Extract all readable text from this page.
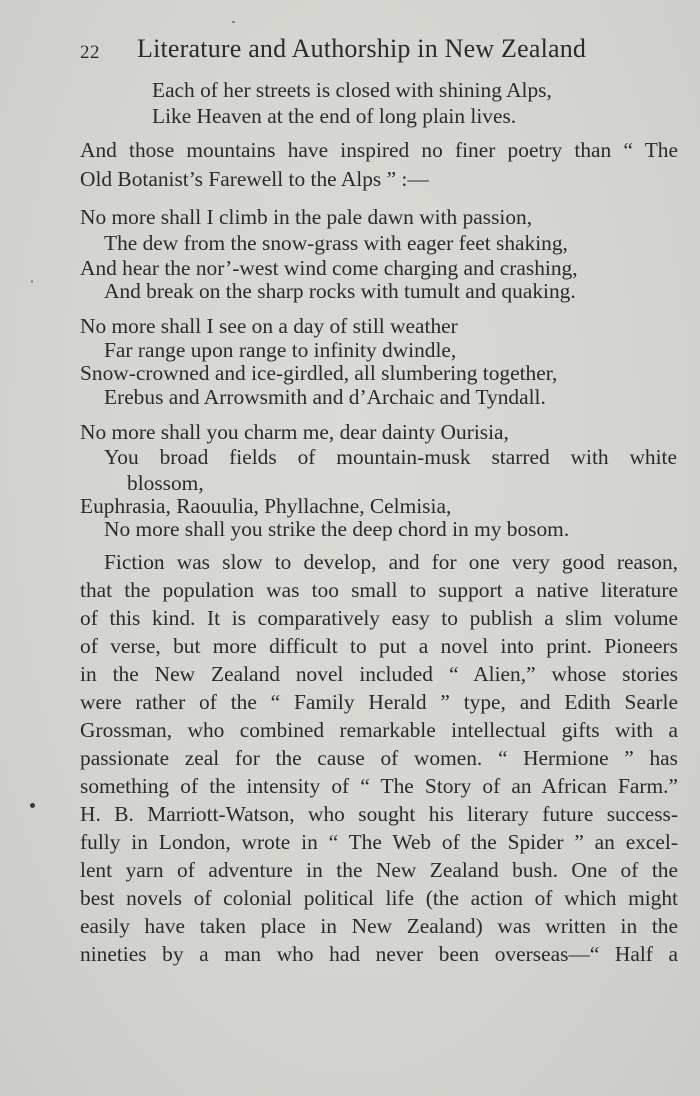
22 Literature and Authorship in New Zealand
Each of her streets is closed with shining Alps,
Like Heaven at the end of long plain lives.
And those mountains have inspired no finer poetry than “ The
Old Botanist’s Farewell to the Alps ” :—
No more shall I climb in the pale dawn with passion,
The dew from the snow-grass with eager feet shaking,
And hear the nor’-west wind come charging and crashing,
And break on the sharp rocks with tumult and quaking.
No more shall I see on a day of still weather
Far range upon range to infinity dwindle,
Snow-crowned and ice-girdled, all slumbering together,
Erebus and Arrowsmith and d’Archaic and Tyndall.
No more shall you charm me, dear dainty Ourisia,
You broad fields of mountain-musk starred with white
blossom,
Euphrasia, Raouulia, Phyllachne, Celmisia,
No more shall you strike the deep chord in my bosom.
Fiction was slow to develop, and for one very good reason,
that the population was too small to support a native literature
of this kind. It is comparatively easy to publish a slim volume
of verse, but more difficult to put a novel into print. Pioneers
in the New Zealand novel included “ Alien,” whose stories
were rather of the “ Family Herald ” type, and Edith Searle
Grossman, who combined remarkable intellectual gifts with a
passionate zeal for the cause of women. “ Hermione ” has
something of the intensity of “ The Story of an African Farm.”
H. B. Marriott-Watson, who sought his literary future success-
fully in London, wrote in “ The Web of the Spider ” an excel-
lent yarn of adventure in the New Zealand bush. One of the
best novels of colonial political life (the action of which might
easily have taken place in New Zealand) was written in the
nineties by a man who had never been overseas—“ Half a
